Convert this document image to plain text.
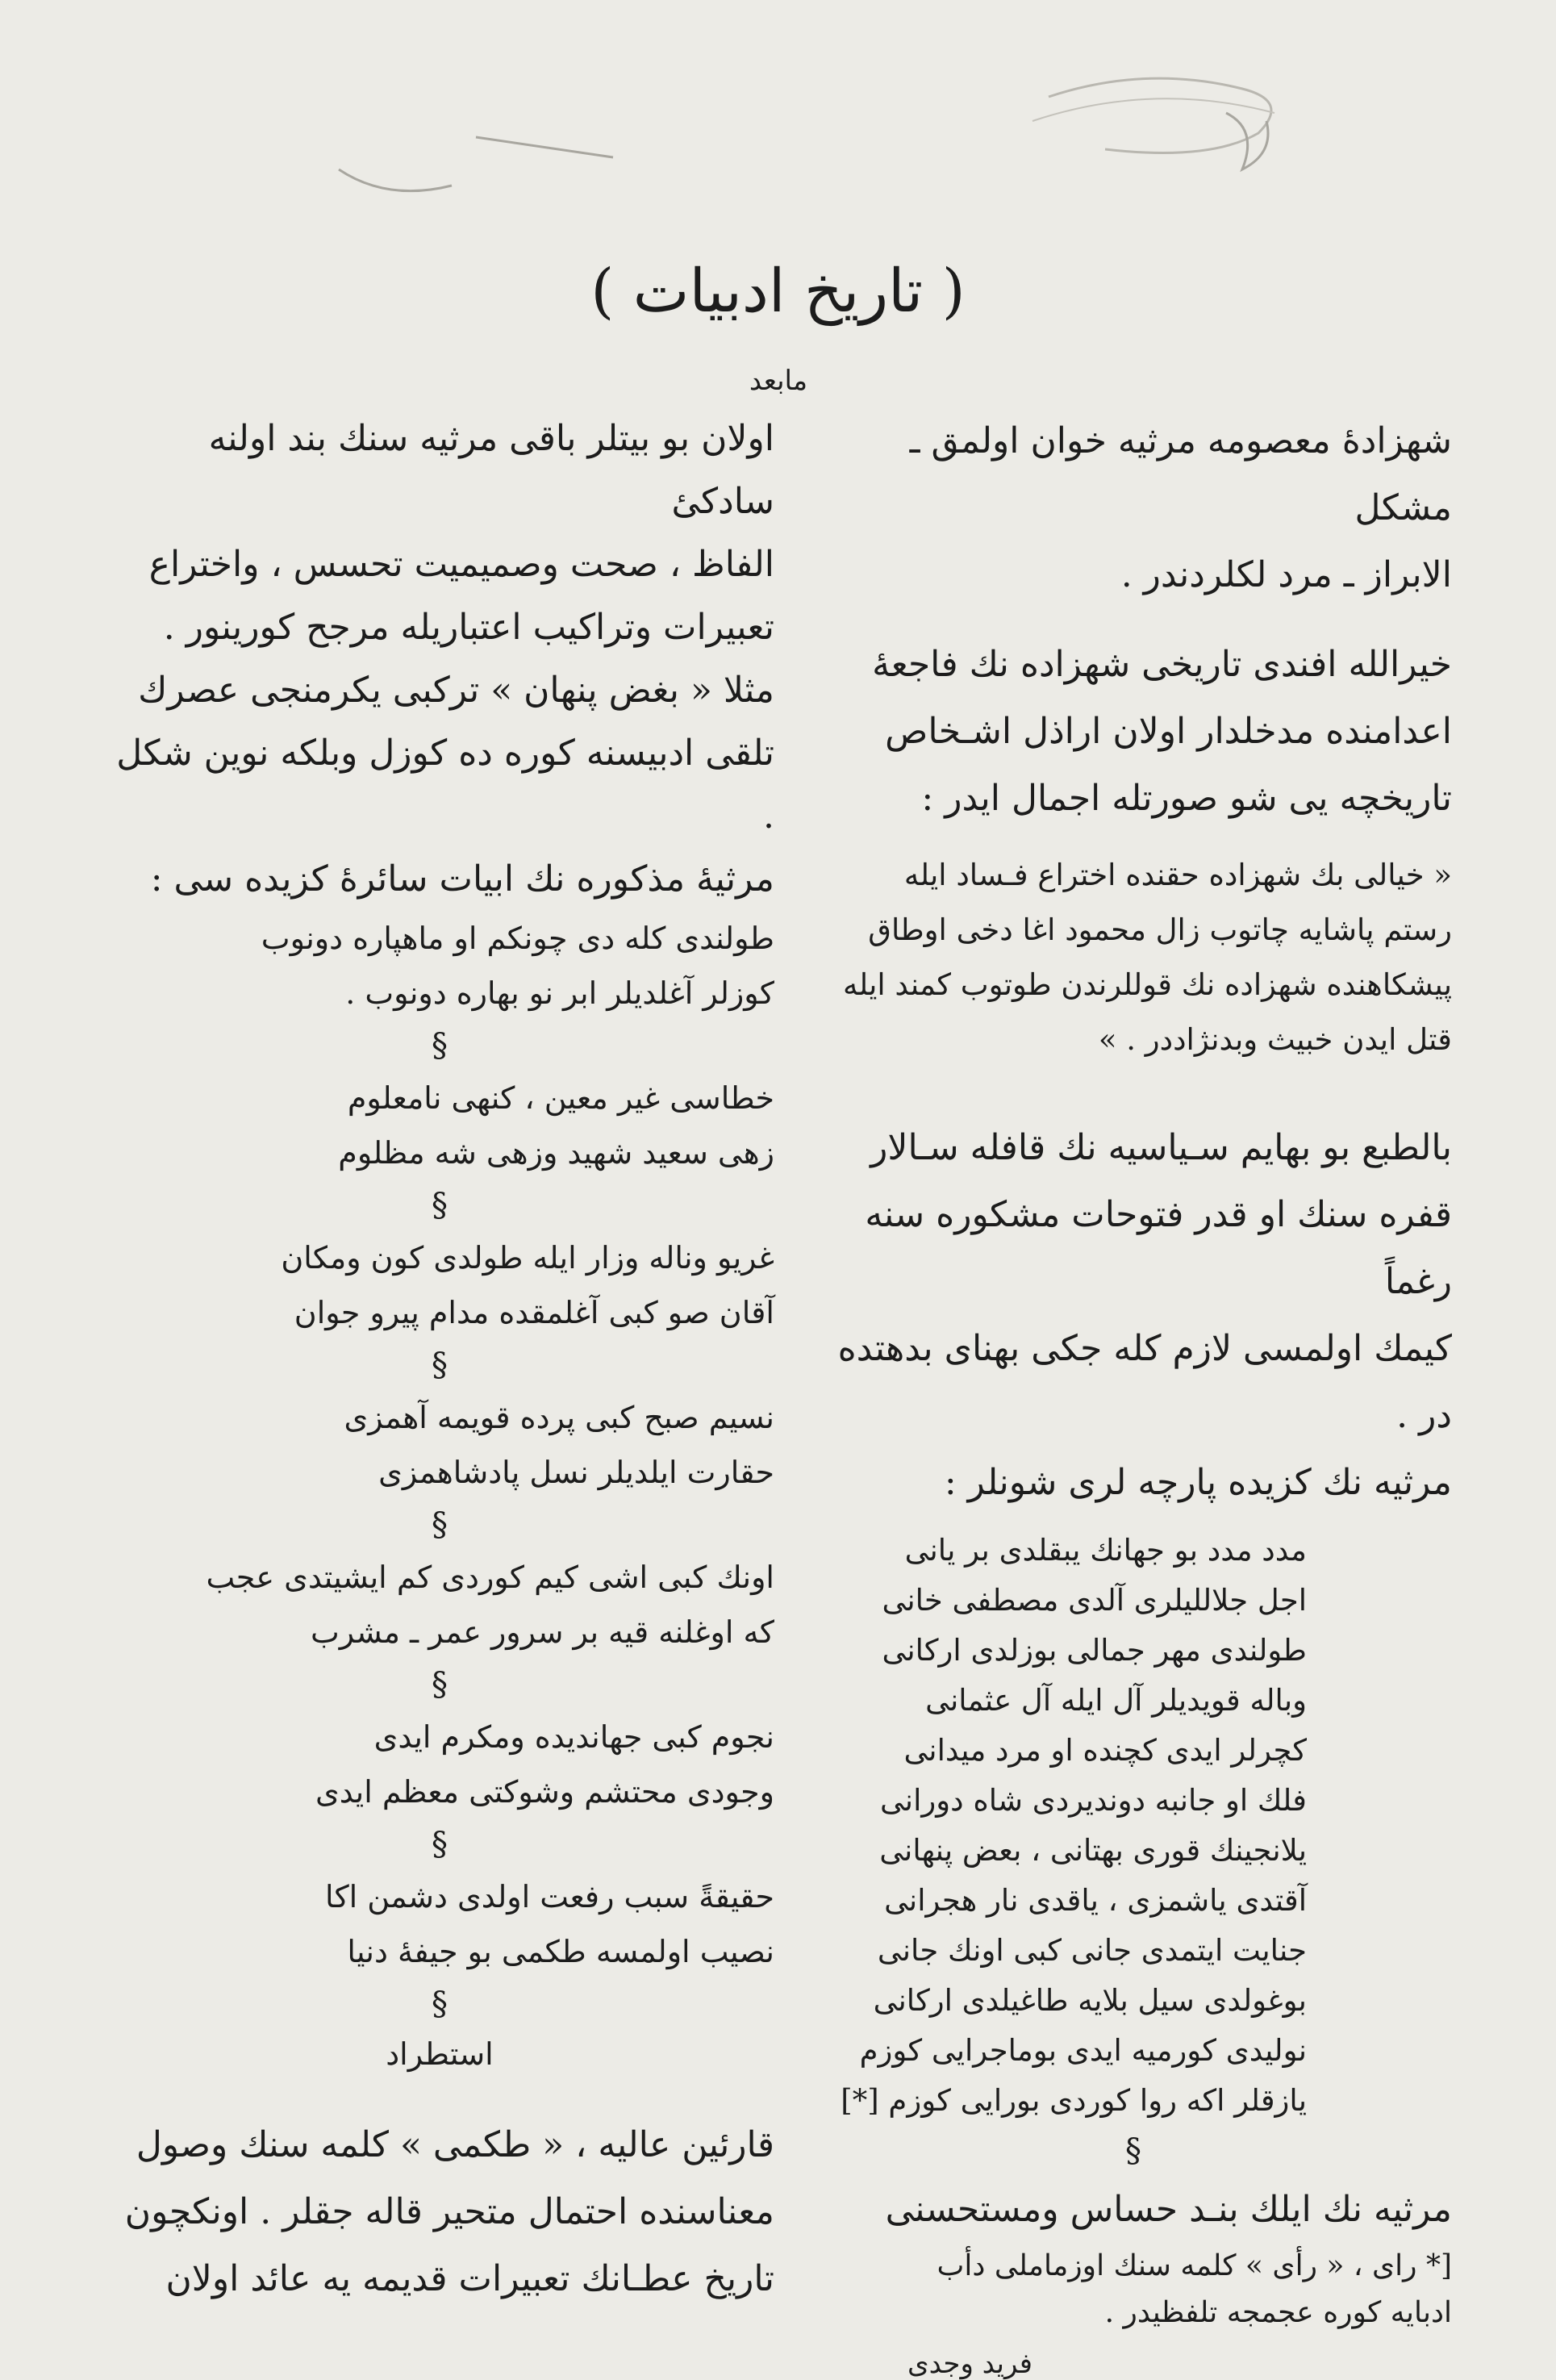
( تاریخ ادبیات )
مابعد

شهزادهٔ معصومه مرثیه خوان اولمق ـ مشکل
الابراز ـ مرد لکلردندر .

خیرالله افندی تاریخی شهزاده نك فاجعهٔ
اعدامنده مدخلدار اولان اراذل اشـخاص
تاریخچه یی شو صورتله اجمال ایدر :

« خیالی بك شهزاده حقنده اختراع فـساد ایله
رستم پاشایه چاتوب زال محمود اغا دخی اوطاق
پیشکاهنده شهزاده نك قوللرندن طوتوب کمند ایله
قتل ایدن خبیث وبدنژاددر . »

بالطبع بو بهایم سـیاسیه نك قافله سـالار
قفره سنك او قدر فتوحات مشکوره سنه رغماً
کیمك اولمسی لازم کله جکی بهنای بدهتده در .
مرثیه نك کزیده پارچه لری شونلر :

مدد مدد بو جهانك یبقلدی بر یانی
اجل جلاللیلری آلدی مصطفی خانی
طولندی مهر جمالی بوزلدی ارکانی
وباله قویدیلر آل ایله آل عثمانی
کچرلر ایدی کچنده او مرد میدانی
فلك او جانبه دوندیردی شاه دورانی
یلانجینك قوری بهتانی ، بعض پنهانی
آقتدی یاشمزی ، یاقدی نار هجرانی
جنایت ایتمدی جانی کبی اونك جانی
بوغولدی سیل بلایه طاغیلدی ارکانی
نولیدی کورمیه ایدی بوماجرایی کوزم
یازقلر اکه روا کوردی بورایی کوزم [*]
§

مرثیه نك ایلك بنـد حساس ومستحسنی

[* رای ، « رأی » کلمه سنك اوزماملی دأب
ادبایه کوره عجمجه تلفظیدر .
فرید وجدی

اولان بو بیتلر باقی مرثیه سنك بند اولنه سادکیٔ
الفاظ ، صحت وصمیمیت تحسس ، واختراع
تعبیرات وتراکیب اعتباریله مرجح کورینور .
مثلا « بغض پنهان » ترکبی یکرمنجی عصرك
تلقی ادبیسنه کوره ده کوزل وبلکه نوین شکل .
مرثیهٔ مذکوره نك ابیات سائرهٔ کزیده سی :

طولندی کله دی چونکم او ماهپاره دونوب
کوزلر آغلدیلر ابر نو بهاره دونوب .
§
خطاسی غیر معین ، کنهی نامعلوم
زهی سعید شهید وزهی شه مظلوم
§
غریو وناله وزار ایله طولدی کون ومکان
آقان صو کبی آغلمقده مدام پیرو جوان
§
نسیم صبح کبی پرده قویمه آهمزی
حقارت ایلدیلر نسل پادشاهمزی
§
اونك کبی اشی کیم کوردی کم ایشیتدی عجب
که اوغلنه قیه بر سرور عمر ـ مشرب
§
نجوم کبی جهاندیده ومکرم ایدی
وجودی محتشم وشوکتی معظم ایدی
§
حقیقةً سبب رفعت اولدی دشمن اکا
نصیب اولمسه طکمی بو جیفهٔ دنیا
§
استطراد

قارئین عالیه ، « طکمی » کلمه سنك وصول
معناسنده احتمال متحیر قاله جقلر . اونکچون
تاریخ عطـانك تعبیرات قدیمه یه عائد اولان
